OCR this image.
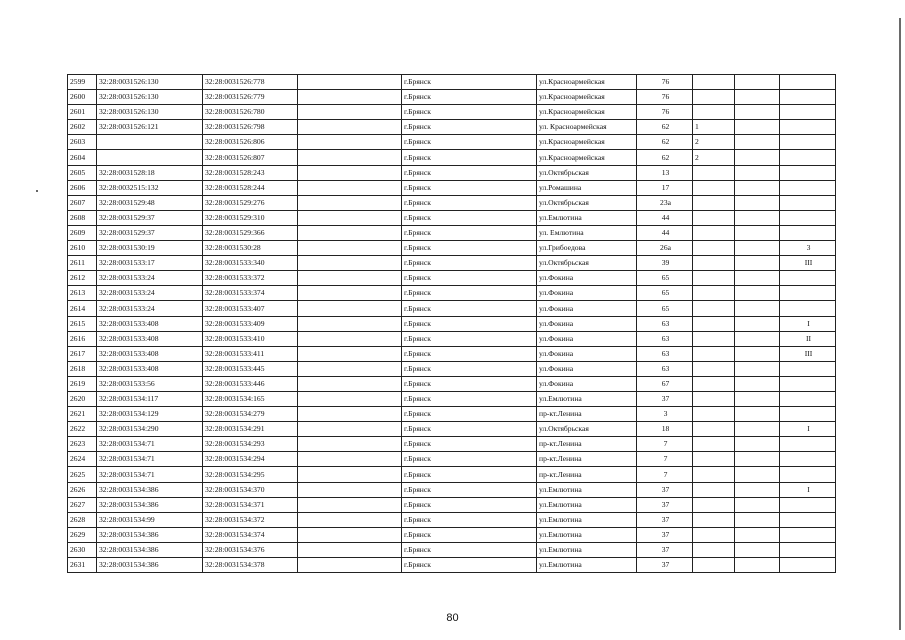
2599	32:28:0031526:130	32:28:0031526:778		г.Брянск	ул.Красноармейская	76			
2600	32:28:0031526:130	32:28:0031526:779		г.Брянск	ул.Красноармейская	76			
2601	32:28:0031526:130	32:28:0031526:780		г.Брянск	ул.Красноармейская	76			
2602	32:28:0031526:121	32:28:0031526:798		г.Брянск	ул. Красноармейская	62	1		
2603		32:28:0031526:806		г.Брянск	ул.Красноармейская	62	2		
2604		32:28:0031526:807		г.Брянск	ул.Красноармейская	62	2		
2605	32:28:0031528:18	32:28:0031528:243		г.Брянск	ул.Октябрьская	13			
2606	32:28:0032515:132	32:28:0031528:244		г.Брянск	ул.Ромашина	17			
2607	32:28:0031529:48	32:28:0031529:276		г.Брянск	ул.Октябрьская	23а			
2608	32:28:0031529:37	32:28:0031529:310		г.Брянск	ул.Емлютина	44			
2609	32:28:0031529:37	32:28:0031529:366		г.Брянск	ул. Емлютина	44			
2610	32:28:0031530:19	32:28:0031530:28		г.Брянск	ул.Грибоедова	26а			3
2611	32:28:0031533:17	32:28:0031533:340		г.Брянск	ул.Октябрьская	39			III
2612	32:28:0031533:24	32:28:0031533:372		г.Брянск	ул.Фокина	65			
2613	32:28:0031533:24	32:28:0031533:374		г.Брянск	ул.Фокина	65			
2614	32:28:0031533:24	32:28:0031533:407		г.Брянск	ул.Фокина	65			
2615	32:28:0031533:408	32:28:0031533:409		г.Брянск	ул.Фокина	63			I
2616	32:28:0031533:408	32:28:0031533:410		г.Брянск	ул.Фокина	63			II
2617	32:28:0031533:408	32:28:0031533:411		г.Брянск	ул.Фокина	63			III
2618	32:28:0031533:408	32:28:0031533:445		г.Брянск	ул.Фокина	63			
2619	32:28:0031533:56	32:28:0031533:446		г.Брянск	ул.Фокина	67			
2620	32:28:0031534:117	32:28:0031534:165		г.Брянск	ул.Емлютина	37			
2621	32:28:0031534:129	32:28:0031534:279		г.Брянск	пр-кт.Ленина	3			
2622	32:28:0031534:290	32:28:0031534:291		г.Брянск	ул.Октябрьская	18			I
2623	32:28:0031534:71	32:28:0031534:293		г.Брянск	пр-кт.Ленина	7			
2624	32:28:0031534:71	32:28:0031534:294		г.Брянск	пр-кт.Ленина	7			
2625	32:28:0031534:71	32:28:0031534:295		г.Брянск	пр-кт.Ленина	7			
2626	32:28:0031534:386	32:28:0031534:370		г.Брянск	ул.Емлютина	37			I
2627	32:28:0031534:386	32:28:0031534:371		г.Брянск	ул.Емлютина	37			
2628	32:28:0031534:99	32:28:0031534:372		г.Брянск	ул.Емлютина	37			
2629	32:28:0031534:386	32:28:0031534:374		г.Брянск	ул.Емлютина	37			
2630	32:28:0031534:386	32:28:0031534:376		г.Брянск	ул.Емлютина	37			
2631	32:28:0031534:386	32:28:0031534:378		г.Брянск	ул.Емлютина	37			
80
